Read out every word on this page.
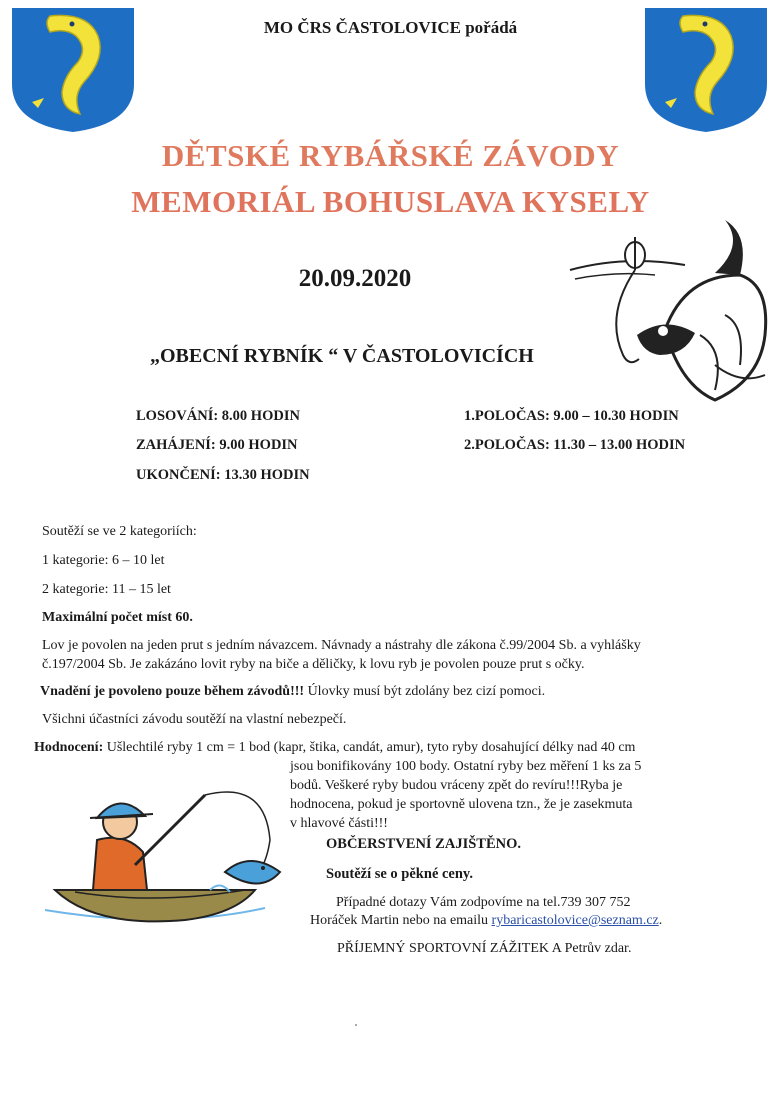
MO ČRS ČASTOLOVICE pořádá
DĚTSKÉ RYBÁŘSKÉ ZÁVODY
MEMORIÁL BOHUSLAVA KYSELY
20.09.2020
„OBECNÍ RYBNÍK “ V ČASTOLOVICÍCH
LOSOVÁNÍ: 8.00 HODIN
ZAHÁJENÍ: 9.00 HODIN
UKONČENÍ: 13.30 HODIN
1.POLOČAS: 9.00 – 10.30 HODIN
2.POLOČAS: 11.30 – 13.00 HODIN
Soutěží se ve 2 kategoriích:
1 kategorie: 6 – 10 let
2 kategorie: 11 – 15 let
Maximální počet míst 60.
Lov je povolen na jeden prut s jedním návazcem. Návnady a nástrahy dle zákona č.99/2004 Sb. a vyhlášky
č.197/2004 Sb. Je zakázáno lovit ryby na biče a děličky, k lovu ryb je povolen pouze prut s očky.
Vnadění je povoleno pouze během závodů!!! Úlovky musí být zdolány bez cizí pomoci.
Všichni účastníci závodu soutěží na vlastní nebezpečí.
Hodnocení: Ušlechtilé ryby 1 cm = 1 bod (kapr, štika, candát, amur), tyto ryby dosahující délky nad 40 cm
jsou bonifikovány 100 body. Ostatní ryby bez měření 1 ks za 5
bodů. Veškeré ryby budou vráceny zpět do revíru!!!Ryba je
hodnocena, pokud je sportovně ulovena tzn., že je zasekmuta
v hlavové části!!!
OBČERSTVENÍ ZAJIŠTĚNO.
Soutěží se o pěkné ceny.
Případné dotazy Vám zodpovíme na tel.739 307 752
Horáček Martin nebo na emailu rybaricastolovice@seznam.cz.
PŘÍJEMNÝ SPORTOVNÍ ZÁŽITEK A Petrův zdar.
